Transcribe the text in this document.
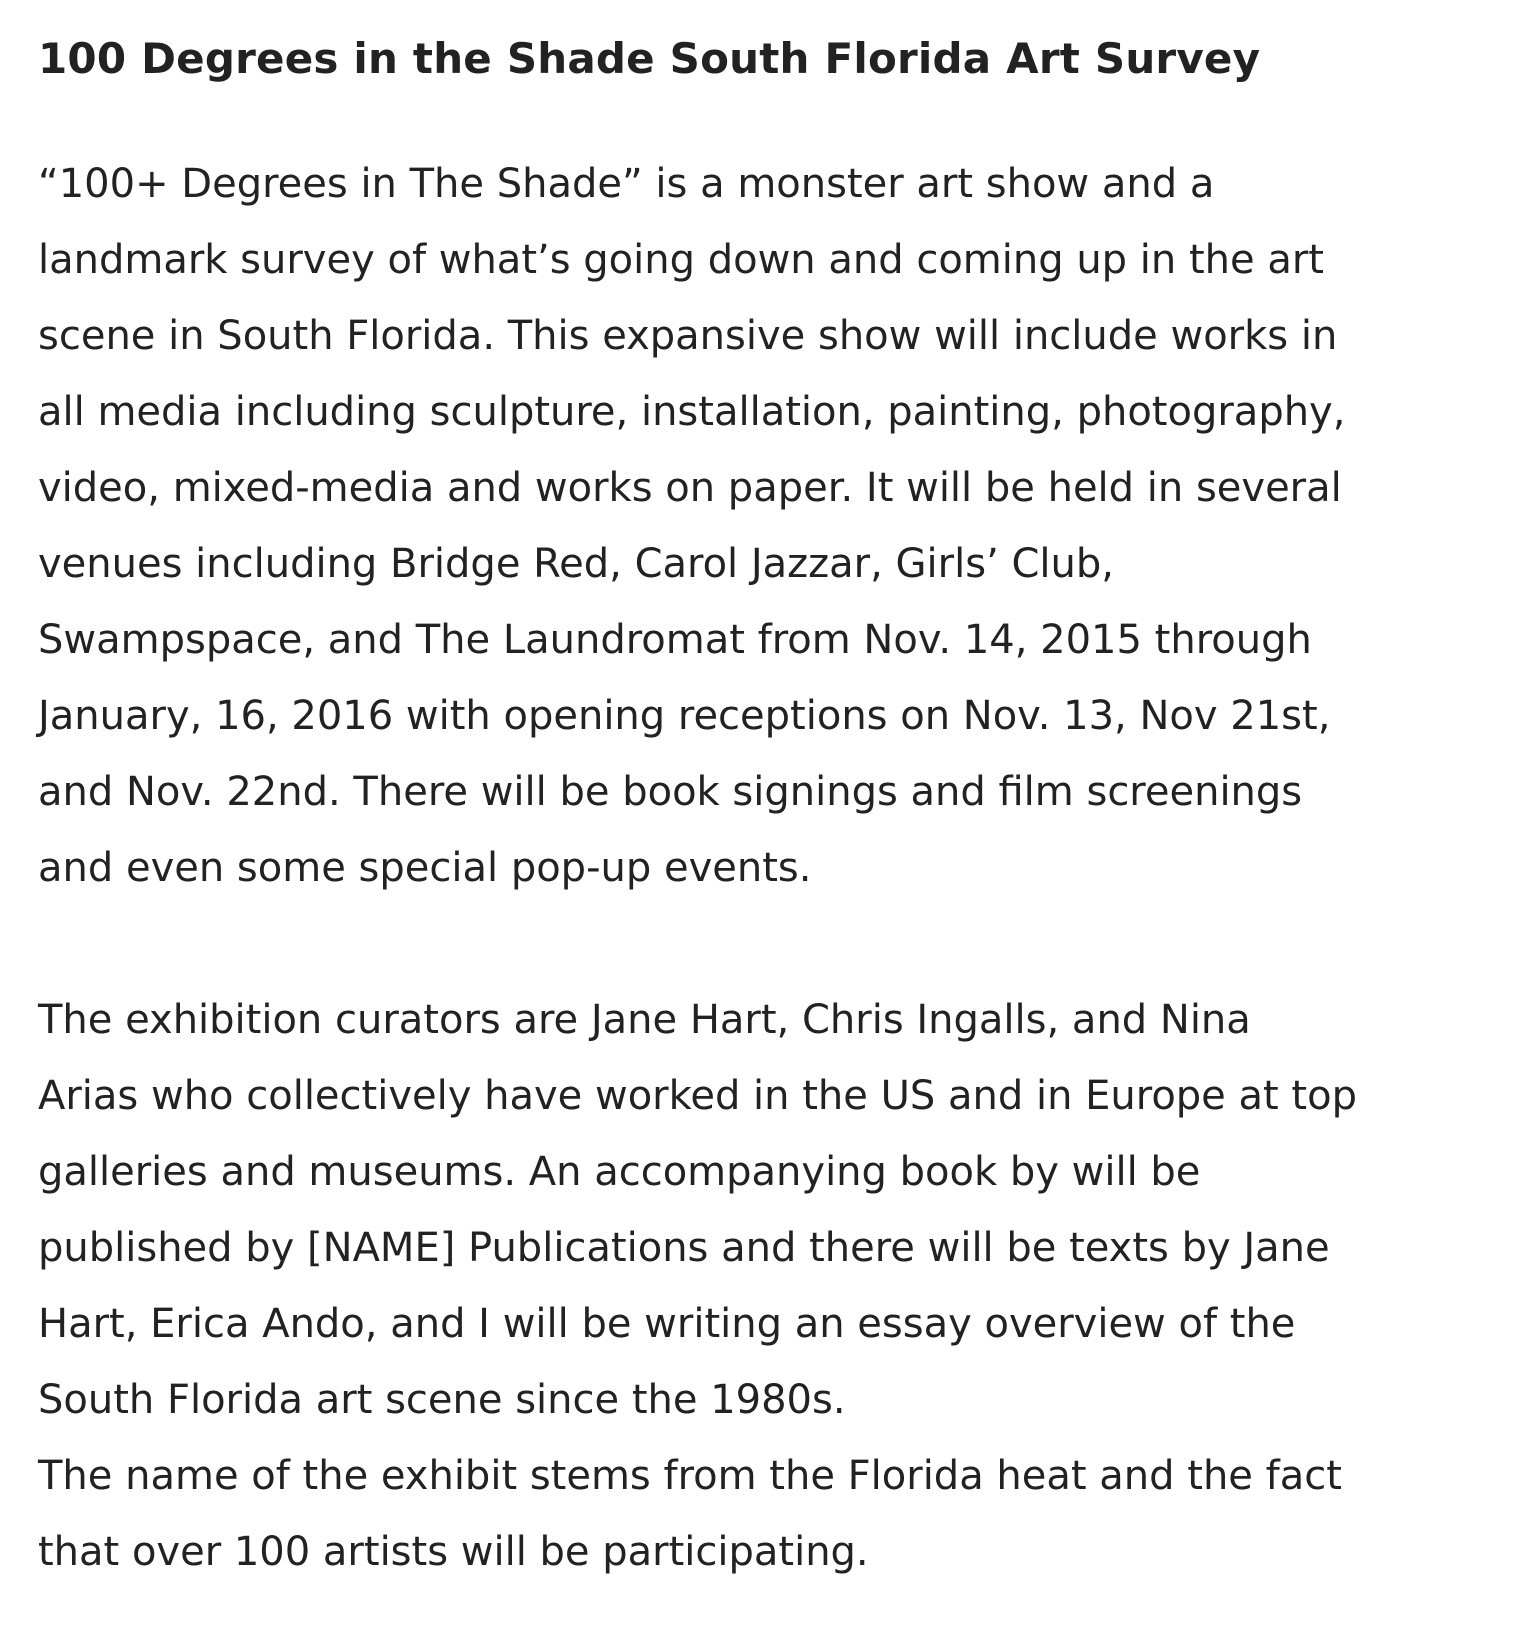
100 Degrees in the Shade South Florida Art Survey

“100+ Degrees in The Shade” is a monster art show and a
landmark survey of what’s going down and coming up in the art
scene in South Florida. This expansive show will include works in
all media including sculpture, installation, painting, photography,
video, mixed-media and works on paper. It will be held in several
venues including Bridge Red, Carol Jazzar, Girls’ Club,
Swampspace, and The Laundromat from Nov. 14, 2015 through
January, 16, 2016 with opening receptions on Nov. 13, Nov 21st,
and Nov. 22nd. There will be book signings and film screenings
and even some special pop-up events.

The exhibition curators are Jane Hart, Chris Ingalls, and Nina
Arias who collectively have worked in the US and in Europe at top
galleries and museums. An accompanying book by will be
published by [NAME] Publications and there will be texts by Jane
Hart, Erica Ando, and I will be writing an essay overview of the
South Florida art scene since the 1980s.

The name of the exhibit stems from the Florida heat and the fact
that over 100 artists will be participating.
